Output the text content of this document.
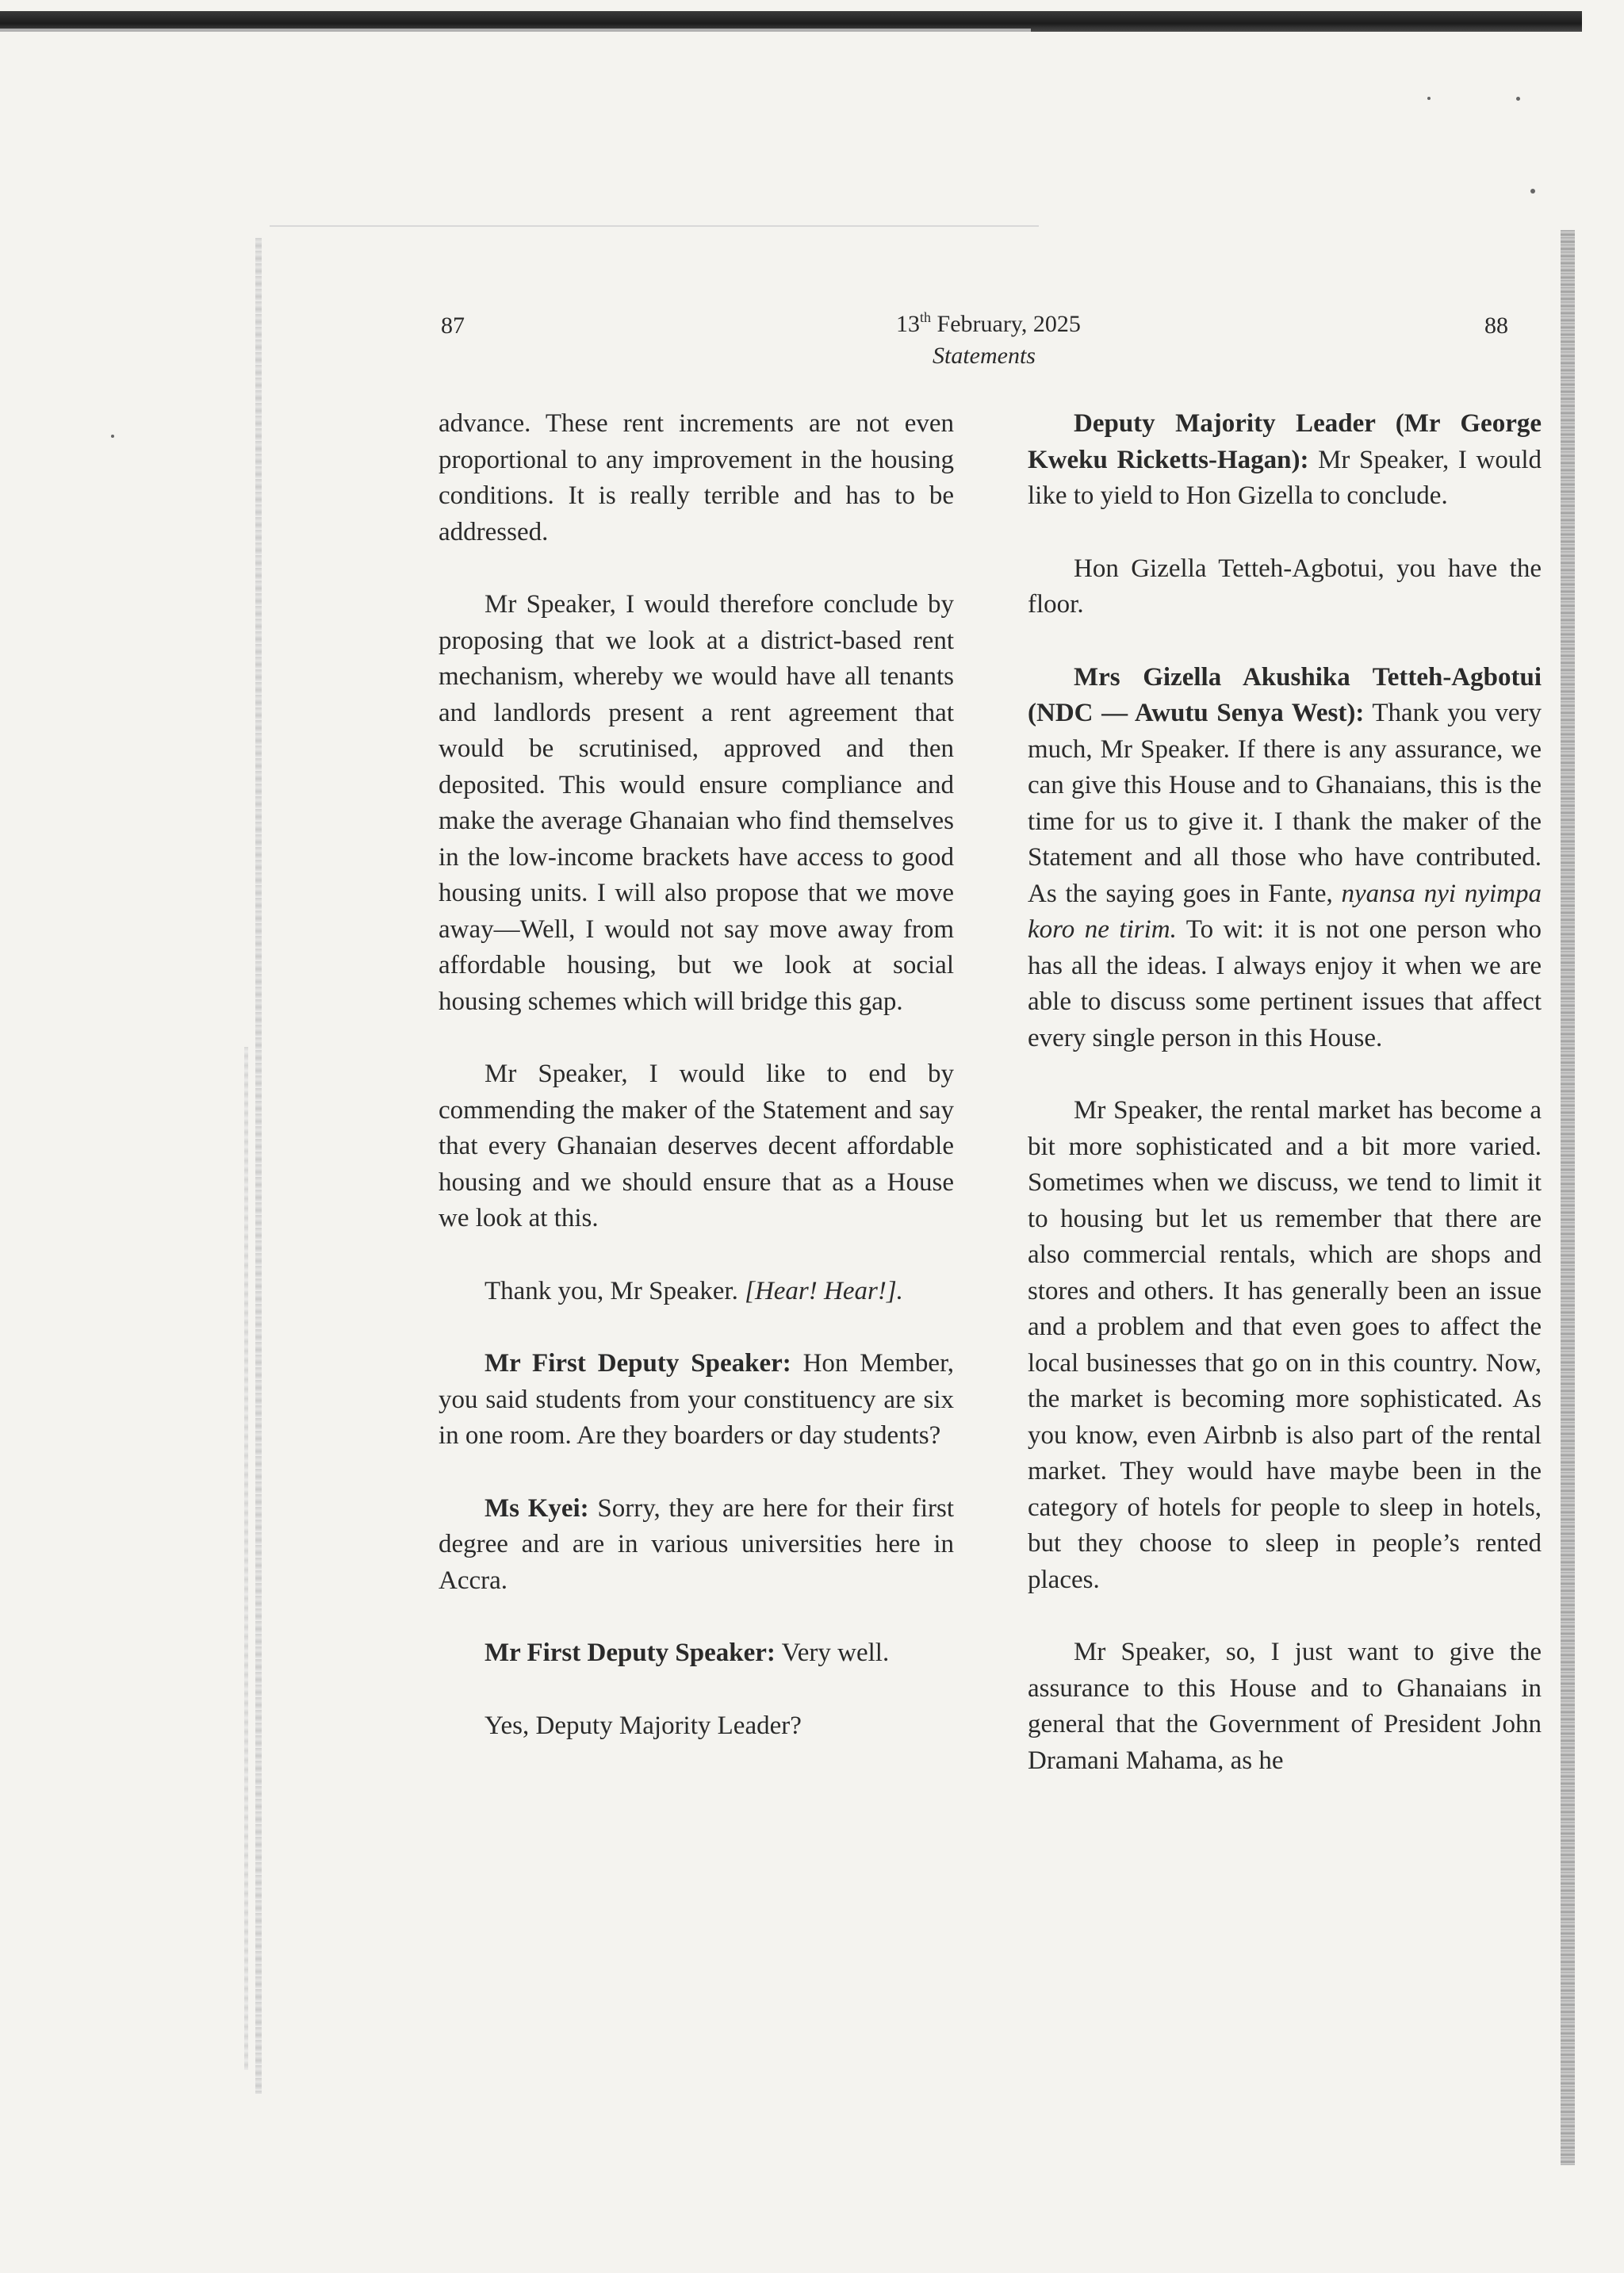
87	13th February, 2025
Statements
88

advance. These rent increments are not even proportional to any improvement in the housing conditions. It is really terrible and has to be addressed.

Mr Speaker, I would therefore conclude by proposing that we look at a district-based rent mechanism, whereby we would have all tenants and landlords present a rent agreement that would be scrutinised, approved and then deposited. This would ensure compliance and make the average Ghanaian who find themselves in the low-income brackets have access to good housing units. I will also propose that we move away—Well, I would not say move away from affordable housing, but we look at social housing schemes which will bridge this gap.

Mr Speaker, I would like to end by commending the maker of the Statement and say that every Ghanaian deserves decent affordable housing and we should ensure that as a House we look at this.

Thank you, Mr Speaker. [Hear! Hear!].

Mr First Deputy Speaker: Hon Member, you said students from your constituency are six in one room. Are they boarders or day students?

Ms Kyei: Sorry, they are here for their first degree and are in various universities here in Accra.

Mr First Deputy Speaker: Very well.

Yes, Deputy Majority Leader?

Deputy Majority Leader (Mr George Kweku Ricketts-Hagan): Mr Speaker, I would like to yield to Hon Gizella to conclude.

Hon Gizella Tetteh-Agbotui, you have the floor.

Mrs Gizella Akushika Tetteh-Agbotui (NDC — Awutu Senya West): Thank you very much, Mr Speaker. If there is any assurance, we can give this House and to Ghanaians, this is the time for us to give it. I thank the maker of the Statement and all those who have contributed. As the saying goes in Fante, nyansa nyi nyimpa koro ne tirim. To wit: it is not one person who has all the ideas. I always enjoy it when we are able to discuss some pertinent issues that affect every single person in this House.

Mr Speaker, the rental market has become a bit more sophisticated and a bit more varied. Sometimes when we discuss, we tend to limit it to housing but let us remember that there are also commercial rentals, which are shops and stores and others. It has generally been an issue and a problem and that even goes to affect the local businesses that go on in this country. Now, the market is becoming more sophisticated. As you know, even Airbnb is also part of the rental market. They would have maybe been in the category of hotels for people to sleep in hotels, but they choose to sleep in people’s rented places.

Mr Speaker, so, I just want to give the assurance to this House and to Ghanaians in general that the Government of President John Dramani Mahama, as he
